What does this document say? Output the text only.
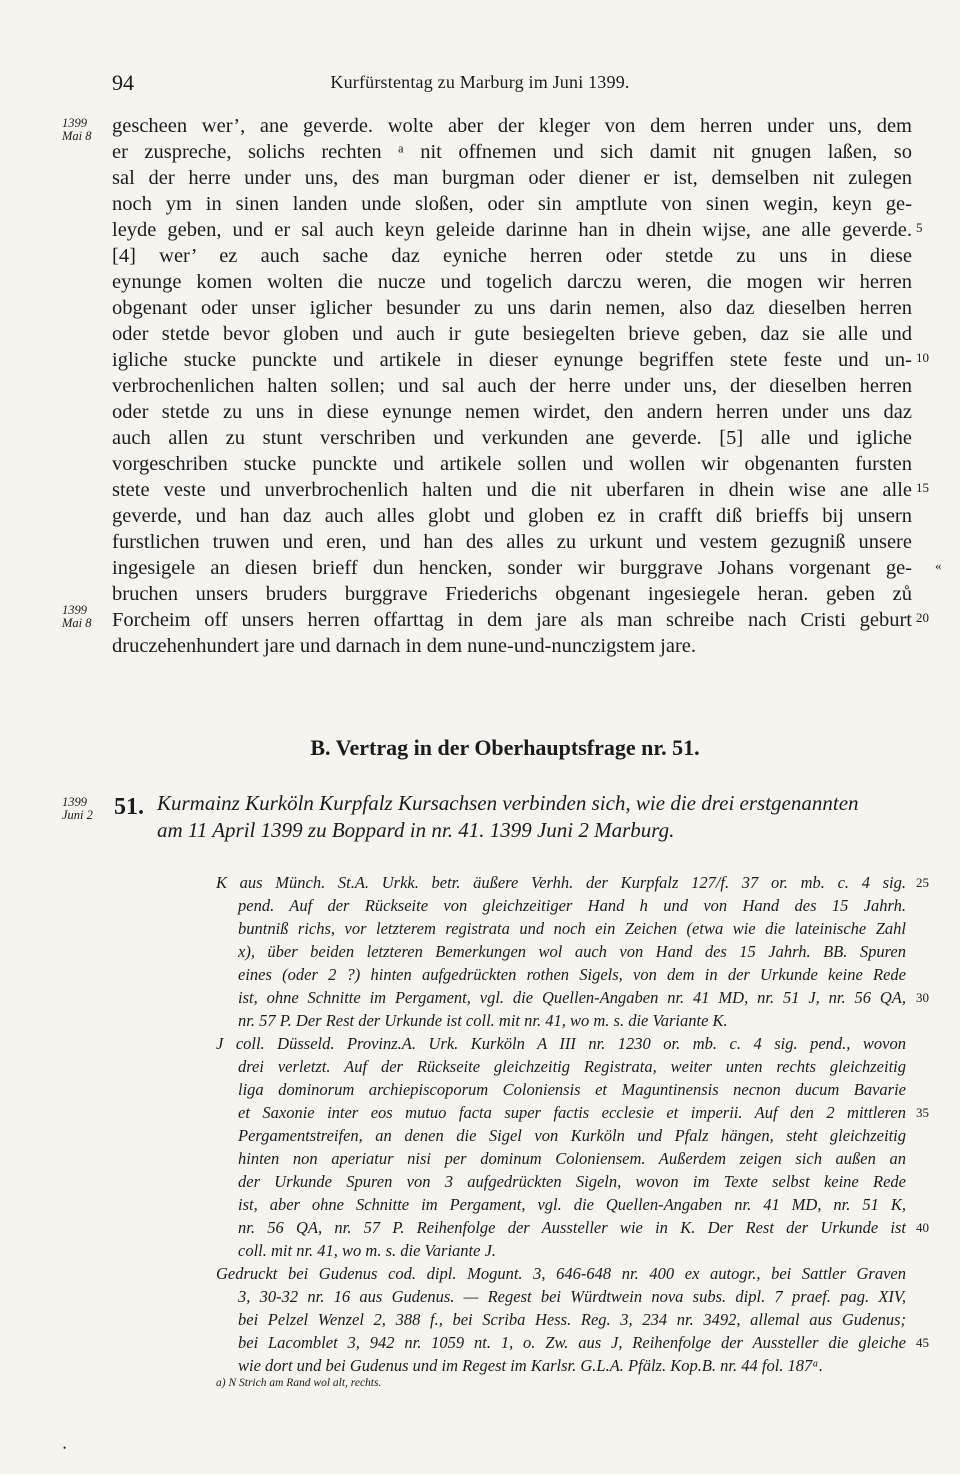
94	Kurfürstentag zu Marburg im Juni 1399.
1399
Mai 8
1399
Mai 8
1399
Juni 2
gescheen wer’, ane geverde. wolte aber der kleger von dem herren under uns, dem
er zuspreche, solichs rechten ᵃ nit offnemen und sich damit nit gnugen laßen, so
sal der herre under uns, des man burgman oder diener er ist, demselben nit zulegen
noch ym in sinen landen unde sloßen, oder sin amptlute von sinen wegin, keyn ge-
leyde geben, und er sal auch keyn geleide darinne han in dhein wijse, ane alle geverde.
[4] wer’ ez auch sache daz eyniche herren oder stetde zu uns in diese
eynunge komen wolten die nucze und togelich darczu weren, die mogen wir herren
obgenant oder unser iglicher besunder zu uns darin nemen, also daz dieselben herren
oder stetde bevor globen und auch ir gute besiegelten brieve geben, daz sie alle und
igliche stucke punckte und artikele in dieser eynunge begriffen stete feste und un-
verbrochenlichen halten sollen; und sal auch der herre under uns, der dieselben herren
oder stetde zu uns in diese eynunge nemen wirdet, den andern herren under uns daz
auch allen zu stunt verschriben und verkunden ane geverde. [5] alle und igliche
vorgeschriben stucke punckte und artikele sollen und wollen wir obgenanten fursten
stete veste und unverbrochenlich halten und die nit uberfaren in dhein wise ane alle
geverde, und han daz auch alles globt und globen ez in crafft diß brieffs bij unsern
furstlichen truwen und eren, und han des alles zu urkunt und vestem gezugniß unsere
ingesigele an diesen brieff dun hencken, sonder wir burggrave Johans vorgenant ge-
bruchen unsers bruders burggrave Friederichs obgenant ingesiegele heran. geben zů
Forcheim off unsers herren offarttag in dem jare als man schreibe nach Cristi geburt
druczehenhundert jare und darnach in dem nune-und-nunczigstem jare.
5
10
15
20
«
B. Vertrag in der Oberhauptsfrage nr. 51.
51. Kurmainz Kurköln Kurpfalz Kursachsen verbinden sich, wie die drei erstgenannten
am 11 April 1399 zu Boppard in nr. 41. 1399 Juni 2 Marburg.
K aus Münch. St.A. Urkk. betr. äußere Verhh. der Kurpfalz 127/f. 37 or. mb. c. 4 sig.
pend. Auf der Rückseite von gleichzeitiger Hand h und von Hand des 15 Jahrh.
buntniß richs, vor letzterem registrata und noch ein Zeichen (etwa wie die lateinische Zahl
x), über beiden letzteren Bemerkungen wol auch von Hand des 15 Jahrh. BB. Spuren
eines (oder 2 ?) hinten aufgedrückten rothen Sigels, von dem in der Urkunde keine Rede
ist, ohne Schnitte im Pergament, vgl. die Quellen-Angaben nr. 41 MD, nr. 51 J, nr. 56 QA,
nr. 57 P. Der Rest der Urkunde ist coll. mit nr. 41, wo m. s. die Variante K.
J coll. Düsseld. Provinz.A. Urk. Kurköln A III nr. 1230 or. mb. c. 4 sig. pend., wovon
drei verletzt. Auf der Rückseite gleichzeitig Registrata, weiter unten rechts gleichzeitig
liga dominorum archiepiscoporum Coloniensis et Maguntinensis necnon ducum Bavarie
et Saxonie inter eos mutuo facta super factis ecclesie et imperii. Auf den 2 mittleren
Pergamentstreifen, an denen die Sigel von Kurköln und Pfalz hängen, steht gleichzeitig
hinten non aperiatur nisi per dominum Coloniensem. Außerdem zeigen sich außen an
der Urkunde Spuren von 3 aufgedrückten Sigeln, wovon im Texte selbst keine Rede
ist, aber ohne Schnitte im Pergament, vgl. die Quellen-Angaben nr. 41 MD, nr. 51 K,
nr. 56 QA, nr. 57 P. Reihenfolge der Aussteller wie in K. Der Rest der Urkunde ist
coll. mit nr. 41, wo m. s. die Variante J.
Gedruckt bei Gudenus cod. dipl. Mogunt. 3, 646-648 nr. 400 ex autogr., bei Sattler Graven
3, 30-32 nr. 16 aus Gudenus. — Regest bei Würdtwein nova subs. dipl. 7 praef. pag. XIV,
bei Pelzel Wenzel 2, 388 f., bei Scriba Hess. Reg. 3, 234 nr. 3492, allemal aus Gudenus;
bei Lacomblet 3, 942 nr. 1059 nt. 1, o. Zw. aus J, Reihenfolge der Aussteller die gleiche
wie dort und bei Gudenus und im Regest im Karlsr. G.L.A. Pfälz. Kop.B. nr. 44 fol. 187ᵃ.
25
30
35
40
45
a) N Strich am Rand wol alt, rechts.
•
